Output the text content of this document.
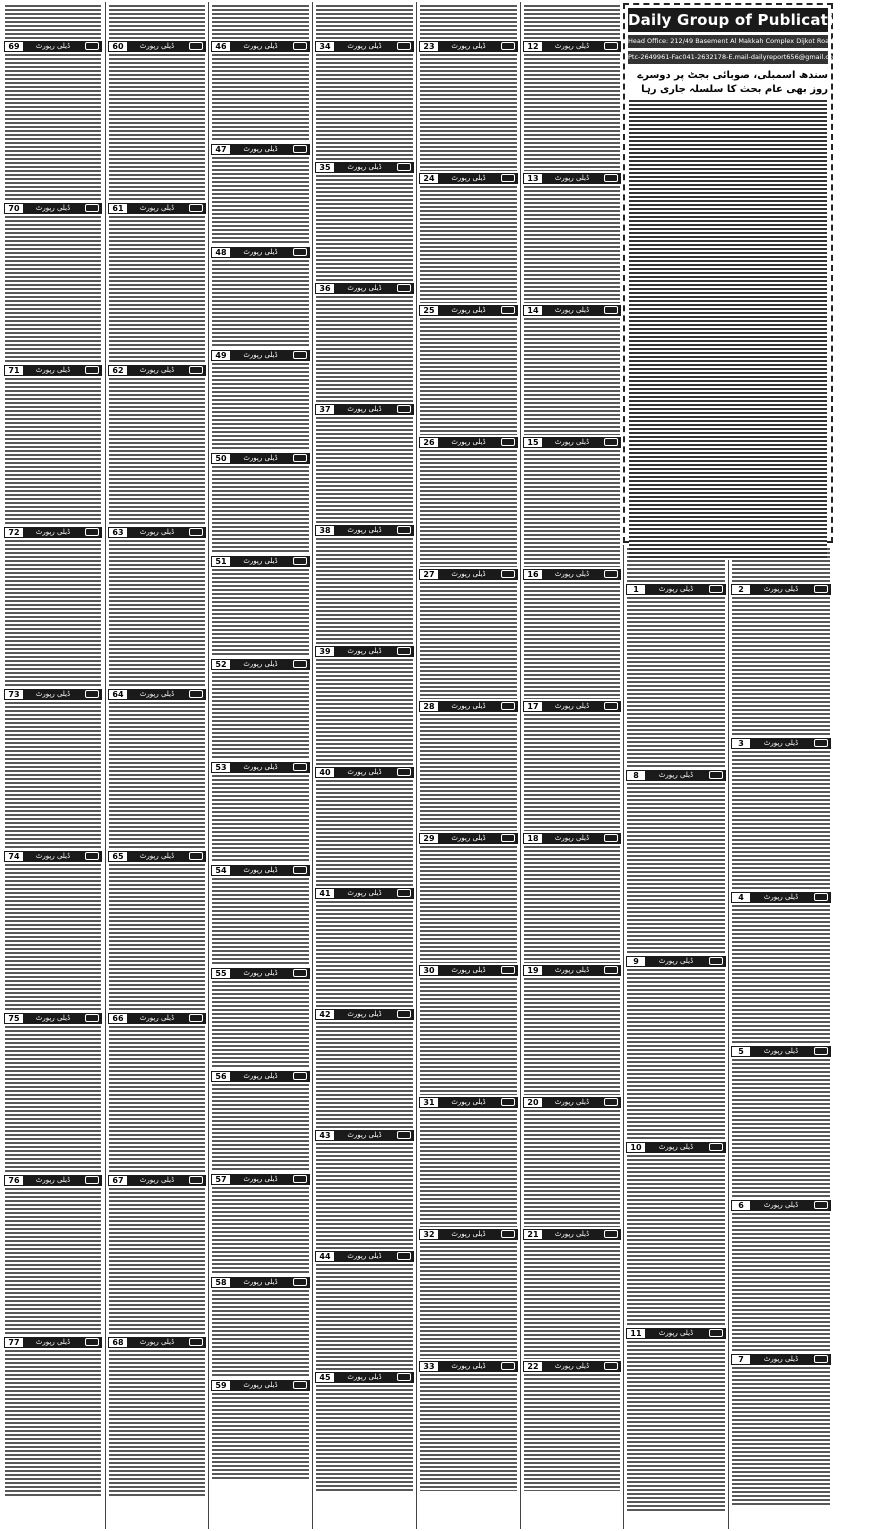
69	ڈیلی رپورٹ
70	ڈیلی رپورٹ
71	ڈیلی رپورٹ
72	ڈیلی رپورٹ
73	ڈیلی رپورٹ
74	ڈیلی رپورٹ
75	ڈیلی رپورٹ
76	ڈیلی رپورٹ
77	ڈیلی رپورٹ
60	ڈیلی رپورٹ
61	ڈیلی رپورٹ
62	ڈیلی رپورٹ
63	ڈیلی رپورٹ
64	ڈیلی رپورٹ
65	ڈیلی رپورٹ
66	ڈیلی رپورٹ
67	ڈیلی رپورٹ
68	ڈیلی رپورٹ
46	ڈیلی رپورٹ
47	ڈیلی رپورٹ
48	ڈیلی رپورٹ
49	ڈیلی رپورٹ
50	ڈیلی رپورٹ
51	ڈیلی رپورٹ
52	ڈیلی رپورٹ
53	ڈیلی رپورٹ
54	ڈیلی رپورٹ
55	ڈیلی رپورٹ
56	ڈیلی رپورٹ
57	ڈیلی رپورٹ
58	ڈیلی رپورٹ
59	ڈیلی رپورٹ
34	ڈیلی رپورٹ
35	ڈیلی رپورٹ
36	ڈیلی رپورٹ
37	ڈیلی رپورٹ
38	ڈیلی رپورٹ
39	ڈیلی رپورٹ
40	ڈیلی رپورٹ
41	ڈیلی رپورٹ
42	ڈیلی رپورٹ
43	ڈیلی رپورٹ
44	ڈیلی رپورٹ
45	ڈیلی رپورٹ
23	ڈیلی رپورٹ
24	ڈیلی رپورٹ
25	ڈیلی رپورٹ
26	ڈیلی رپورٹ
27	ڈیلی رپورٹ
28	ڈیلی رپورٹ
29	ڈیلی رپورٹ
30	ڈیلی رپورٹ
31	ڈیلی رپورٹ
32	ڈیلی رپورٹ
33	ڈیلی رپورٹ
12	ڈیلی رپورٹ
13	ڈیلی رپورٹ
14	ڈیلی رپورٹ
15	ڈیلی رپورٹ
16	ڈیلی رپورٹ
17	ڈیلی رپورٹ
18	ڈیلی رپورٹ
19	ڈیلی رپورٹ
20	ڈیلی رپورٹ
21	ڈیلی رپورٹ
22	ڈیلی رپورٹ
1	ڈیلی رپورٹ
8	ڈیلی رپورٹ
9	ڈیلی رپورٹ
10	ڈیلی رپورٹ
11	ڈیلی رپورٹ
2	ڈیلی رپورٹ
3	ڈیلی رپورٹ
4	ڈیلی رپورٹ
5	ڈیلی رپورٹ
6	ڈیلی رپورٹ
7	ڈیلی رپورٹ
Daily Group of Publication
Head Office: 212/49 Basement Al Makkah Complex Dijkot Road Faisalabad
Ptc-2649961-Fac041-2632178-E.mail-dailyreport656@gmail.com
سندھ اسمبلی، صوبائی بجٹ پر دوسرے روز بھی عام بحث کا سلسلہ جاری رہا
